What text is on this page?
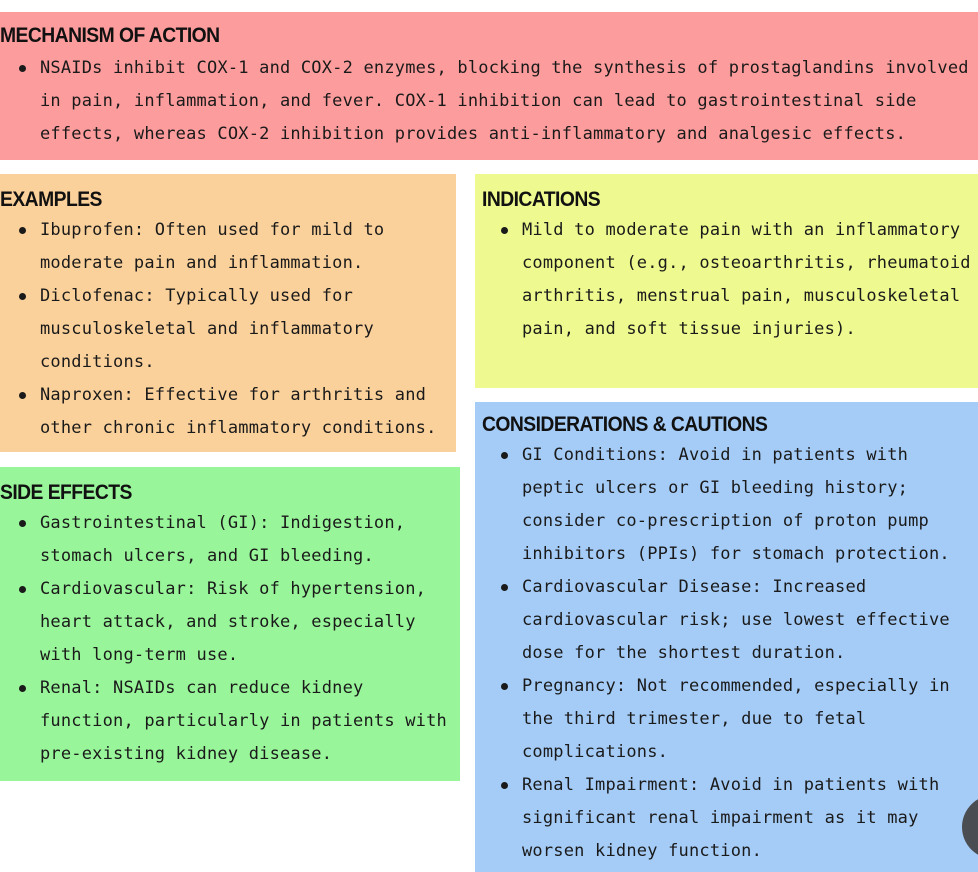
MECHANISM OF ACTION
NSAIDs inhibit COX-1 and COX-2 enzymes, blocking the synthesis of prostaglandins involved in pain, inflammation, and fever. COX-1 inhibition can lead to gastrointestinal side effects, whereas COX-2 inhibition provides anti-inflammatory and analgesic effects.
EXAMPLES
Ibuprofen: Often used for mild to moderate pain and inflammation.
Diclofenac: Typically used for musculoskeletal and inflammatory conditions.
Naproxen: Effective for arthritis and other chronic inflammatory conditions.
INDICATIONS
Mild to moderate pain with an inflammatory component (e.g., osteoarthritis, rheumatoid arthritis, menstrual pain, musculoskeletal pain, and soft tissue injuries).
SIDE EFFECTS
Gastrointestinal (GI): Indigestion, stomach ulcers, and GI bleeding.
Cardiovascular: Risk of hypertension, heart attack, and stroke, especially with long-term use.
Renal: NSAIDs can reduce kidney function, particularly in patients with pre-existing kidney disease.
CONSIDERATIONS & CAUTIONS
GI Conditions: Avoid in patients with peptic ulcers or GI bleeding history; consider co-prescription of proton pump inhibitors (PPIs) for stomach protection.
Cardiovascular Disease: Increased cardiovascular risk; use lowest effective dose for the shortest duration.
Pregnancy: Not recommended, especially in the third trimester, due to fetal complications.
Renal Impairment: Avoid in patients with significant renal impairment as it may worsen kidney function.
